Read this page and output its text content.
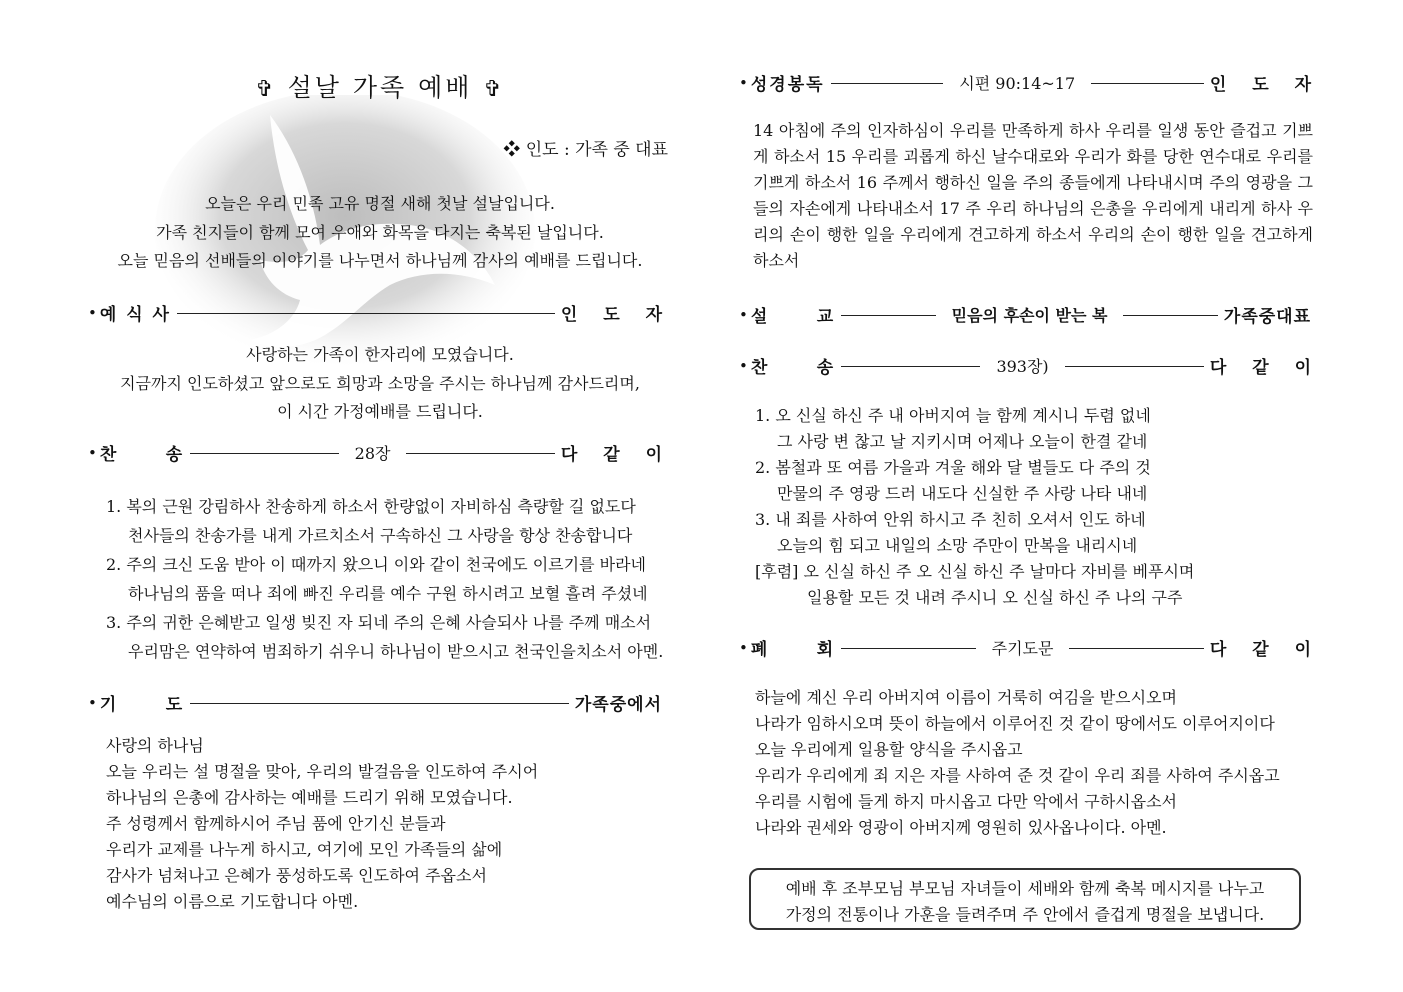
✞ 설날 가족 예배 ✞
❖ 인도 : 가족 중 대표
오늘은 우리 민족 고유 명절 새해 첫날 설날입니다.
가족 친지들이 함께 모여 우애와 화목을 다지는 축복된 날입니다.
오늘 믿음의 선배들의 이야기를 나누면서 하나님께 감사의 예배를 드립니다.
• 예 식 사	인 도 자
사랑하는 가족이 한자리에 모였습니다.
지금까지 인도하셨고 앞으로도 희망과 소망을 주시는 하나님께 감사드리며,
이 시간 가정예배를 드립니다.
• 찬      송	28장	다 같 이
1. 복의 근원 강림하사 찬송하게 하소서 한량없이 자비하심 측량할 길 없도다
천사들의 찬송가를 내게 가르치소서 구속하신 그 사랑을 항상 찬송합니다
2. 주의 크신 도움 받아 이 때까지 왔으니 이와 같이 천국에도 이르기를 바라네
하나님의 품을 떠나 죄에 빠진 우리를 예수 구원 하시려고 보혈 흘려 주셨네
3. 주의 귀한 은혜받고 일생 빚진 자 되네 주의 은혜 사슬되사 나를 주께 매소서
우리맘은 연약하여 범죄하기 쉬우니 하나님이 받으시고 천국인을치소서 아멘.
• 기      도	가족중에서
사랑의 하나님
오늘 우리는 설 명절을 맞아, 우리의 발걸음을 인도하여 주시어
하나님의 은총에 감사하는 예배를 드리기 위해 모였습니다.
주 성령께서 함께하시어 주님 품에 안기신 분들과
우리가 교제를 나누게 하시고, 여기에 모인 가족들의 삶에
감사가 넘쳐나고 은혜가 풍성하도록 인도하여 주옵소서
예수님의 이름으로 기도합니다 아멘.
• 성경봉독	시편 90:14~17	인 도 자
14 아침에 주의 인자하심이 우리를 만족하게 하사 우리를 일생 동안 즐겁고 기쁘게 하소서 15 우리를 괴롭게 하신 날수대로와 우리가 화를 당한 연수대로 우리를 기쁘게 하소서 16 주께서 행하신 일을 주의 종들에게 나타내시며 주의 영광을 그들의 자손에게 나타내소서 17 주 우리 하나님의 은총을 우리에게 내리게 하사 우리의 손이 행한 일을 우리에게 견고하게 하소서 우리의 손이 행한 일을 견고하게 하소서
• 설      교	믿음의 후손이 받는 복	가족중대표
• 찬      송	393장)	다 같 이
1. 오 신실 하신 주 내 아버지여 늘 함께 계시니 두렴 없네
그 사랑 변 찮고 날 지키시며 어제나 오늘이 한결 같네
2. 봄철과 또 여름 가을과 겨울 해와 달 별들도 다 주의 것
만물의 주 영광 드러 내도다 신실한 주 사랑 나타 내네
3. 내 죄를 사하여 안위 하시고 주 친히 오셔서 인도 하네
오늘의 힘 되고 내일의 소망 주만이 만복을 내리시네
[후렴] 오 신실 하신 주 오 신실 하신 주 날마다 자비를 베푸시며
일용할 모든 것 내려 주시니 오 신실 하신 주 나의 구주
• 폐      회	주기도문	다 같 이
하늘에 계신 우리 아버지여 이름이 거룩히 여김을 받으시오며
나라가 임하시오며 뜻이 하늘에서 이루어진 것 같이 땅에서도 이루어지이다
오늘 우리에게 일용할 양식을 주시옵고
우리가 우리에게 죄 지은 자를 사하여 준 것 같이 우리 죄를 사하여 주시옵고
우리를 시험에 들게 하지 마시옵고 다만 악에서 구하시옵소서
나라와 권세와 영광이 아버지께 영원히 있사옵나이다. 아멘.
예배 후 조부모님 부모님 자녀들이 세배와 함께 축복 메시지를 나누고
가정의 전통이나 가훈을 들려주며 주 안에서 즐겁게 명절을 보냅니다.
